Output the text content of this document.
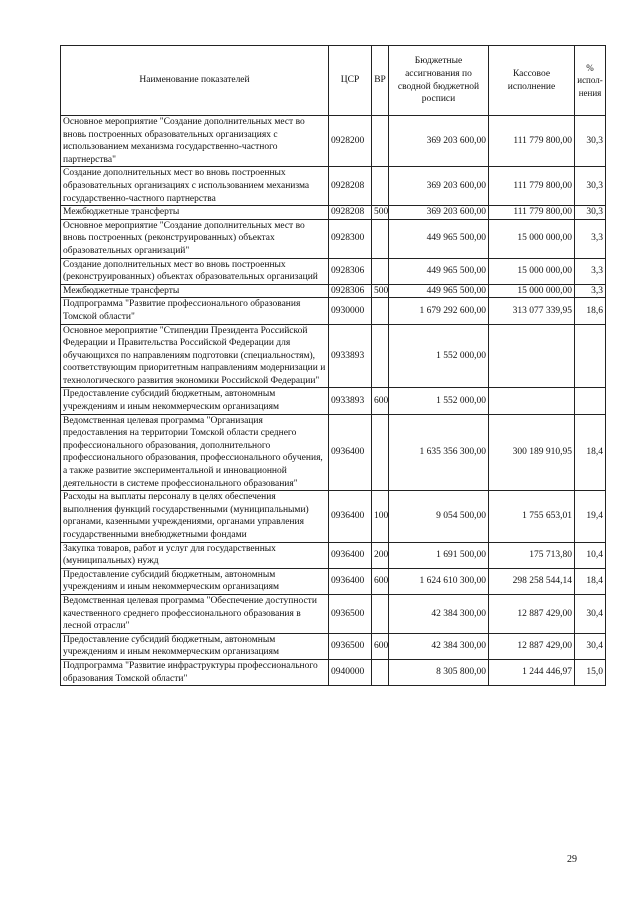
Наименование показателей	ЦСР	ВР	Бюджетные ассигнования по сводной бюджетной росписи	Кассовое исполнение	% испол-нения
Основное мероприятие "Создание дополнительных мест во вновь построенных образовательных организациях с использованием механизма государственно-частного партнерства"	0928200		369 203 600,00	111 779 800,00	30,3
Создание дополнительных мест во вновь построенных образовательных организациях с использованием механизма государственно-частного партнерства	0928208		369 203 600,00	111 779 800,00	30,3
Межбюджетные трансферты	0928208	500	369 203 600,00	111 779 800,00	30,3
Основное мероприятие "Создание дополнительных мест во вновь построенных (реконструированных) объектах образовательных организаций"	0928300		449 965 500,00	15 000 000,00	3,3
Создание дополнительных мест во вновь построенных (реконструированных) объектах образовательных организаций	0928306		449 965 500,00	15 000 000,00	3,3
Межбюджетные трансферты	0928306	500	449 965 500,00	15 000 000,00	3,3
Подпрограмма "Развитие профессионального образования Томской области"	0930000		1 679 292 600,00	313 077 339,95	18,6
Основное мероприятие "Стипендии Президента Российской Федерации и Правительства Российской Федерации для обучающихся по направлениям подготовки (специальностям), соответствующим приоритетным направлениям модернизации и технологического развития экономики Российской Федерации"	0933893		1 552 000,00		
Предоставление субсидий бюджетным, автономным учреждениям и иным некоммерческим организациям	0933893	600	1 552 000,00		
Ведомственная целевая программа "Организация предоставления на территории Томской области среднего профессионального образования, дополнительного профессионального образования, профессионального обучения, а также развитие экспериментальной и инновационной деятельности в системе профессионального образования"	0936400		1 635 356 300,00	300 189 910,95	18,4
Расходы на выплаты персоналу в целях обеспечения выполнения функций государственными (муниципальными) органами, казенными учреждениями, органами управления государственными внебюджетными фондами	0936400	100	9 054 500,00	1 755 653,01	19,4
Закупка товаров, работ и услуг для государственных (муниципальных) нужд	0936400	200	1 691 500,00	175 713,80	10,4
Предоставление субсидий бюджетным, автономным учреждениям и иным некоммерческим организациям	0936400	600	1 624 610 300,00	298 258 544,14	18,4
Ведомственная целевая программа "Обеспечение доступности качественного среднего профессионального образования в лесной отрасли"	0936500		42 384 300,00	12 887 429,00	30,4
Предоставление субсидий бюджетным, автономным учреждениям и иным некоммерческим организациям	0936500	600	42 384 300,00	12 887 429,00	30,4
Подпрограмма "Развитие инфраструктуры профессионального образования Томской области"	0940000		8 305 800,00	1 244 446,97	15,0
29
